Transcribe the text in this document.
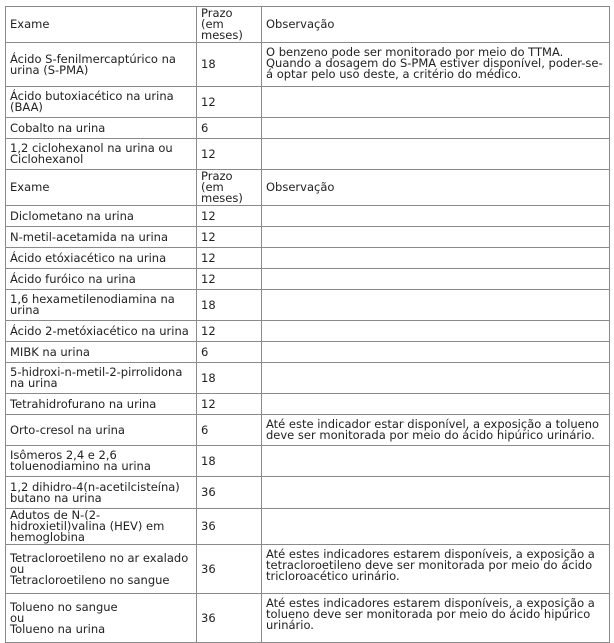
Exame	Prazo (em meses)	Observação
Ácido S-fenilmercaptúrico na urina (S-PMA)	18	O benzeno pode ser monitorado por meio do TTMA. Quando a dosagem do S-PMA estiver disponível, poder-se-á optar pelo uso deste, a critério do médico.
Ácido butoxiacético na urina (BAA)	12	
Cobalto na urina	6	
1,2 ciclohexanol na urina ou Ciclohexanol	12	
Exame	Prazo (em meses)	Observação
Diclometano na urina	12	
N-metil-acetamida na urina	12	
Ácido etóxiacético na urina	12	
Ácido furóico na urina	12	
1,6 hexametilenodiamina na urina	18	
Ácido 2-metóxiacético na urina	12	
MIBK na urina	6	
5-hidroxi-n-metil-2-pirrolidona na urina	18	
Tetrahidrofurano na urina	12	
Orto-cresol na urina	6	Até este indicador estar disponível, a exposição a tolueno deve ser monitorada por meio do ácido hipúrico urinário.
Isômeros 2,4 e 2,6 toluenodiamino na urina	18	
1,2 dihidro-4(n-acetilcisteína) butano na urina	36	
Adutos de N-(2-hidroxietil)valina (HEV) em hemoglobina	36	
Tetracloroetileno no ar exalado
ou
Tetracloroetileno no sangue	36	Até estes indicadores estarem disponíveis, a exposição a tetracloroetileno deve ser monitorada por meio do ácido tricloroacético urinário.
Tolueno no sangue
ou
Tolueno na urina	36	Até estes indicadores estarem disponíveis, a exposição a tolueno deve ser monitorada por meio do ácido hipúrico urinário.
